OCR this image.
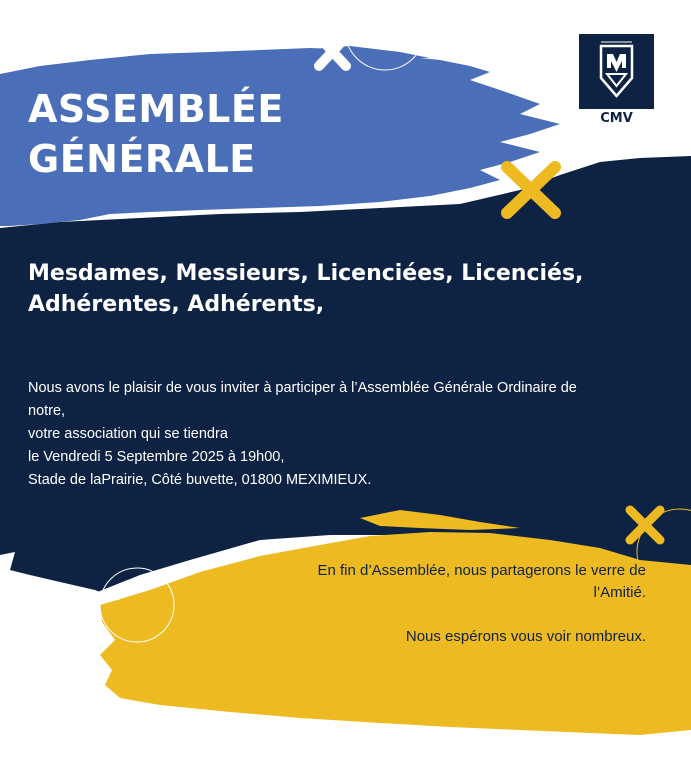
ASSEMBLÉE
GÉNÉRALE
CMV
Mesdames, Messieurs, Licenciées, Licenciés,
Adhérentes, Adhérents,
Nous avons le plaisir de vous inviter à participer à l’Assemblée Générale Ordinaire de
notre,
votre association qui se tiendra
le Vendredi 5 Septembre 2025 à 19h00,
Stade de laPrairie, Côté buvette, 01800 MEXIMIEUX.
En fin d’Assemblée, nous partagerons le verre de
l’Amitié.
Nous espérons vous voir nombreux.
